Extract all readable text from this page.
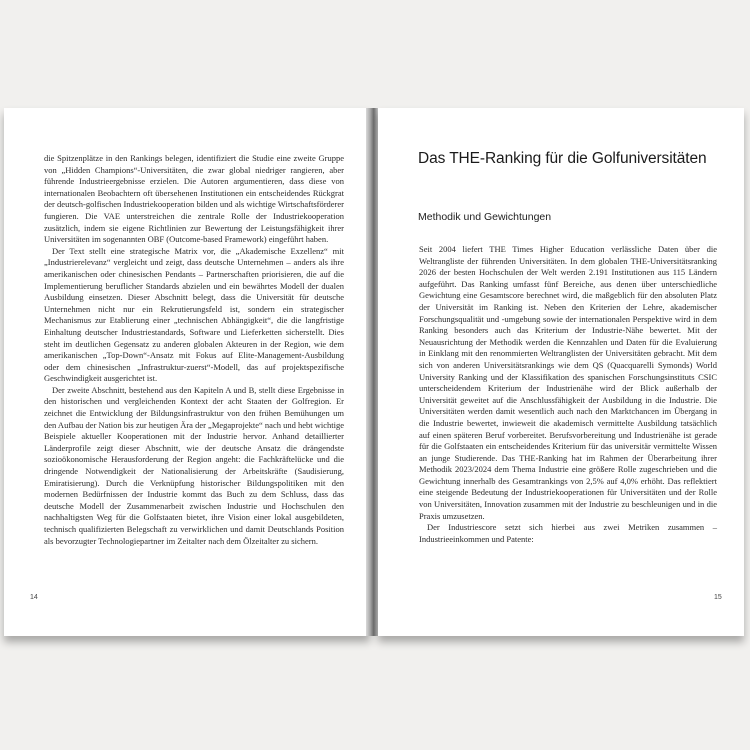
die Spitzenplätze in den Rankings belegen, identifiziert die Studie eine zweite Gruppe von „Hidden Champions“-Universitäten, die zwar global niedriger rangieren, aber führende Industrieergebnisse erzielen. Die Autoren argumentieren, dass diese von internationalen Beobachtern oft übersehenen Institutionen ein entscheidendes Rückgrat der deutsch-golfischen Industriekooperation bilden und als wichtige Wirtschaftsförderer fungieren. Die VAE unterstreichen die zentrale Rolle der Industriekooperation zusätzlich, indem sie eigene Richtlinien zur Bewertung der Leistungsfähigkeit ihrer Universitäten im sogenannten OBF (Outcome-based Framework) eingeführt haben.

Der Text stellt eine strategische Matrix vor, die „Akademische Exzellenz“ mit „Industrierelevanz“ vergleicht und zeigt, dass deutsche Unternehmen – anders als ihre amerikanischen oder chinesischen Pendants – Partnerschaften priorisieren, die auf die Implementierung beruflicher Standards abzielen und ein bewährtes Modell der dualen Ausbildung einsetzen. Dieser Abschnitt belegt, dass die Universität für deutsche Unternehmen nicht nur ein Rekrutierungsfeld ist, sondern ein strategischer Mechanismus zur Etablierung einer „technischen Abhängigkeit“, die die langfristige Einhaltung deutscher Industriestandards, Software und Lieferketten sicherstellt. Dies steht im deutlichen Gegensatz zu anderen globalen Akteuren in der Region, wie dem amerikanischen „Top-Down“-Ansatz mit Fokus auf Elite-Management-Ausbildung oder dem chinesischen „Infrastruktur-zuerst“-Modell, das auf projektspezifische Geschwindigkeit ausgerichtet ist.

Der zweite Abschnitt, bestehend aus den Kapiteln A und B, stellt diese Ergebnisse in den historischen und vergleichenden Kontext der acht Staaten der Golfregion. Er zeichnet die Entwicklung der Bildungsinfrastruktur von den frühen Bemühungen um den Aufbau der Nation bis zur heutigen Ära der „Megaprojekte“ nach und hebt wichtige Beispiele aktueller Kooperationen mit der Industrie hervor. Anhand detaillierter Länderprofile zeigt dieser Abschnitt, wie der deutsche Ansatz die drängendste sozioökonomische Herausforderung der Region angeht: die Fachkräftelücke und die dringende Notwendigkeit der Nationalisierung der Arbeitskräfte (Saudisierung, Emiratisierung). Durch die Verknüpfung historischer Bildungspolitiken mit den modernen Bedürfnissen der Industrie kommt das Buch zu dem Schluss, dass das deutsche Modell der Zusammenarbeit zwischen Industrie und Hochschulen den nachhaltigsten Weg für die Golfstaaten bietet, ihre Vision einer lokal ausgebildeten, technisch qualifizierten Belegschaft zu verwirklichen und damit Deutschlands Position als bevorzugter Technologiepartner im Zeitalter nach dem Ölzeitalter zu sichern.

14
Das THE-Ranking für die Golfuniversitäten
Methodik und Gewichtungen

Seit 2004 liefert THE Times Higher Education verlässliche Daten über die Weltrangliste der führenden Universitäten. In dem globalen THE-Universitätsranking 2026 der besten Hochschulen der Welt werden 2.191 Institutionen aus 115 Ländern aufgeführt. Das Ranking umfasst fünf Bereiche, aus denen über unterschiedliche Gewichtung eine Gesamtscore berechnet wird, die maßgeblich für den absoluten Platz der Universität im Ranking ist. Neben den Kriterien der Lehre, akademischer Forschungsqualität und -umgebung sowie der internationalen Perspektive wird in dem Ranking besonders auch das Kriterium der Industrie-Nähe bewertet. Mit der Neuausrichtung der Methodik werden die Kennzahlen und Daten für die Evaluierung in Einklang mit den renommierten Weltranglisten der Universitäten gebracht. Mit dem sich von anderen Universitätsrankings wie dem QS (Quacquarelli Symonds) World University Ranking und der Klassifikation des spanischen Forschungsinstituts CSIC unterscheidendem Kriterium der Industrienähe wird der Blick außerhalb der Universität geweitet auf die Anschlussfähigkeit der Ausbildung in die Industrie. Die Universitäten werden damit wesentlich auch nach den Marktchancen im Übergang in die Industrie bewertet, inwieweit die akademisch vermittelte Ausbildung tatsächlich auf einen späteren Beruf vorbereitet. Berufsvorbereitung und Industrienähe ist gerade für die Golfstaaten ein entscheidendes Kriterium für das universitär vermittelte Wissen an junge Studierende. Das THE-Ranking hat im Rahmen der Überarbeitung ihrer Methodik 2023/2024 dem Thema Industrie eine größere Rolle zugeschrieben und die Gewichtung innerhalb des Gesamtrankings von 2,5% auf 4,0% erhöht. Das reflektiert eine steigende Bedeutung der Industriekooperationen für Universitäten und der Rolle von Universitäten, Innovation zusammen mit der Industrie zu beschleunigen und in die Praxis umzusetzen.

Der Industriescore setzt sich hierbei aus zwei Metriken zusammen – Industrieeinkommen und Patente:

15
